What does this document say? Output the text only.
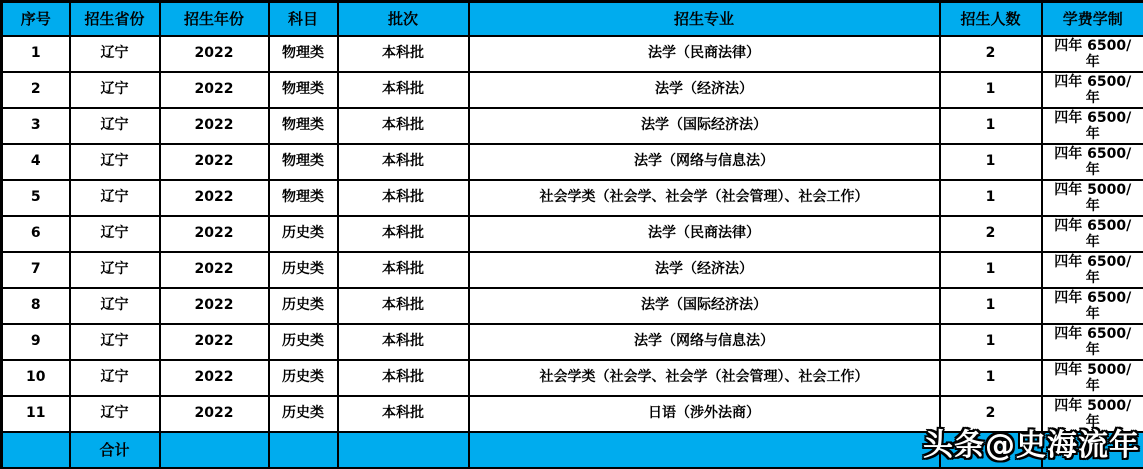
序号	招生省份	招生年份	科目	批次	招生专业	招生人数	学费学制
1	辽宁	2022	物理类	本科批	法学（民商法律）	2	四年 6500/年
2	辽宁	2022	物理类	本科批	法学（经济法）	1	四年 6500/年
3	辽宁	2022	物理类	本科批	法学（国际经济法）	1	四年 6500/年
4	辽宁	2022	物理类	本科批	法学（网络与信息法）	1	四年 6500/年
5	辽宁	2022	物理类	本科批	社会学类（社会学、社会学（社会管理）、社会工作）	1	四年 5000/年
6	辽宁	2022	历史类	本科批	法学（民商法律）	2	四年 6500/年
7	辽宁	2022	历史类	本科批	法学（经济法）	1	四年 6500/年
8	辽宁	2022	历史类	本科批	法学（国际经济法）	1	四年 6500/年
9	辽宁	2022	历史类	本科批	法学（网络与信息法）	1	四年 6500/年
10	辽宁	2022	历史类	本科批	社会学类（社会学、社会学（社会管理）、社会工作）	1	四年 5000/年
11	辽宁	2022	历史类	本科批	日语（涉外法商）	2	四年 5000/年
	合计							头条@史海流年
